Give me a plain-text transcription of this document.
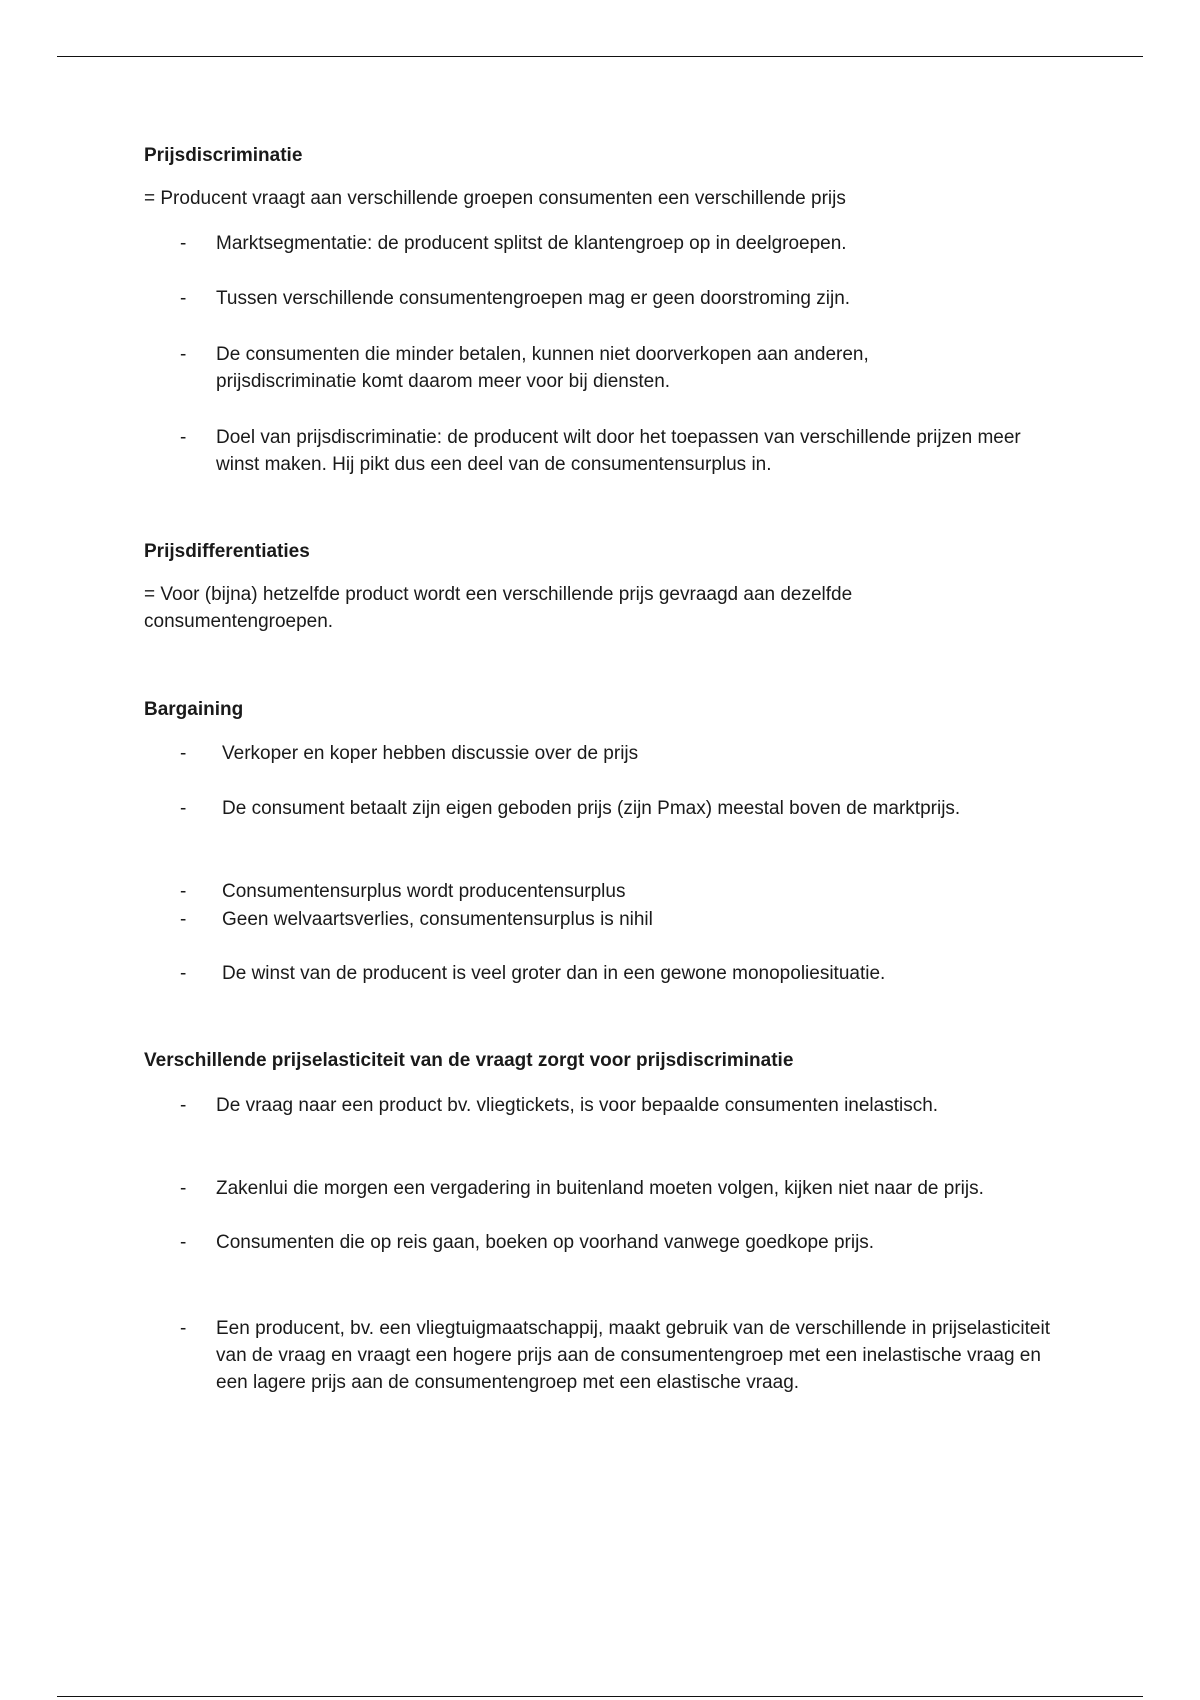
Prijsdiscriminatie
= Producent vraagt aan verschillende groepen consumenten een verschillende prijs
-	Marktsegmentatie: de producent splitst de klantengroep op in deelgroepen.
-	Tussen verschillende consumentengroepen mag er geen doorstroming zijn.
-	De consumenten die minder betalen, kunnen niet doorverkopen aan anderen, prijsdiscriminatie komt daarom meer voor bij diensten.
-	Doel van prijsdiscriminatie: de producent wilt door het toepassen van verschillende prijzen meer winst maken. Hij pikt dus een deel van de consumentensurplus in.
Prijsdifferentiaties
= Voor (bijna) hetzelfde product wordt een verschillende prijs gevraagd aan dezelfde consumentengroepen.
Bargaining
-	Verkoper en koper hebben discussie over de prijs
-	De consument betaalt zijn eigen geboden prijs (zijn Pmax) meestal boven de marktprijs.
-	Consumentensurplus wordt producentensurplus
-	Geen welvaartsverlies, consumentensurplus is nihil
-	De winst van de producent is veel groter dan in een gewone monopoliesituatie.
Verschillende prijselasticiteit van de vraagt zorgt voor prijsdiscriminatie
-	De vraag naar een product bv. vliegtickets, is voor bepaalde consumenten inelastisch.
-	Zakenlui die morgen een vergadering in buitenland moeten volgen, kijken niet naar de prijs.
-	Consumenten die op reis gaan, boeken op voorhand vanwege goedkope prijs.
-	Een producent, bv. een vliegtuigmaatschappij, maakt gebruik van de verschillende in prijselasticiteit van de vraag en vraagt een hogere prijs aan de consumentengroep met een inelastische vraag en een lagere prijs aan de consumentengroep met een elastische vraag.
